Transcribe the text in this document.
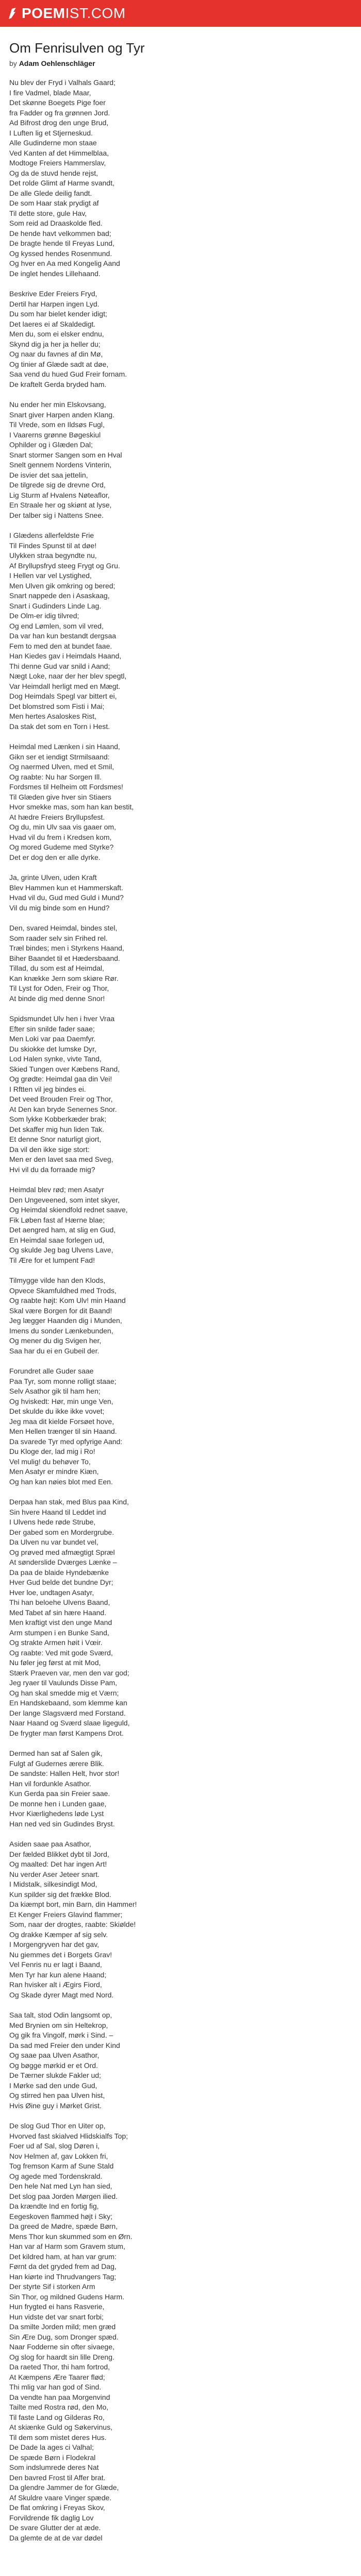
POEM IST.COM
Om Fenrisulven og Tyr

by Adam Oehlenschläger

Nu blev der Fryd i Valhals Gaard;
I fire Vadmel, blade Maar,
Det skønne Boegets Pige foer
fra Fadder og fra grønnen Jord.
Ad Bifrost drog den unge Brud,
I Luften lig et Stjerneskud.
Alle Gudinderne mon staae
Ved Kanten af det Himmelblaa,
Modtoge Freiers Hammerslav,
Og da de stuvd hende rejst,
Det rolde Glimt af Harme svandt,
De alle Glede deilig fandt.
De som Haar stak prydigt af
Til dette store, gule Hav,
Som reid ad Draaskolde fled.
De hende havt velkommen bad;
De bragte hende til Freyas Lund,
Og kyssed hendes Rosenmund.
Og hver en Aa med Kongelig Aand
De inglet hendes Lillehaand.
Beskrive Eder Freiers Fryd,
Dertil har Harpen ingen Lyd.
Du som har bielet kender idigt;
Det laeres ei af Skaldedigt.
Men du, som ei elsker endnu,
Skynd dig ja her ja heller du;
Og naar du favnes af din Mø,
Og tinier af Glæde sadt at døe,
Saa vend du hued Gud Freir fornam.
De kraftelt Gerda bryded ham.
Nu ender her min Elskovsang,
Snart giver Harpen anden Klang.
Til Vrede, som en Ildsøs Fugl,
I Vaarerns grønne Bøgeskiul
Ophilder og i Glæden Dal;
Snart stormer Sangen som en Hval
Snelt gennem Nordens Vinterin,
De isvier det saa jettelin,
De tilgrede sig de drevne Ord,
Lig Sturm af Hvalens Nøteaflor,
En Straale her og skiønt at lyse,
Der talber sig i Nattens Snee.
I Glædens allerfeldste Frie
Til Findes Spunst til at døe!
Ulykken straa begyndte nu,
Af Bryllupsfryd steeg Frygt og Gru.
I Hellen var vel Lystighed,
Men Ulven gik omkring og bered;
Snart nappede den i Asaskaag,
Snart i Gudinders Linde Lag.
De Olm-er idig tilvred;
Og end Lømlen, som vil vred,
Da var han kun bestandt dergsaa
Fem to med den at bundet faae.
Han Kiedes gav i Heimdals Haand,
Thi denne Gud var snild i Aand;
Nægt Loke, naar der her blev spegtl,
Var Heimdall herligt med en Mægt.
Dog Heimdals Spegl var bittert ei,
Det blomstred som Fisti i Mai;
Men hertes Asaloskes Rist,
Da stak det som en Torn i Hest.
Heimdal med Lænken i sin Haand,
Gikn ser et iendigt Strmilsaand:
Og naermed Ulven, med et Smil,
Og raabte: Nu har Sorgen Ill.
Fordsmes til Helheim ott Fordsmes!
Til Glæden give hver sin Stiaers
Hvor smekke mas, som han kan bestit,
At hædre Freiers Bryllupsfest.
Og du, min Ulv saa vis gaaer om,
Hvad vil du frem i Kredsen kom,
Og mored Gudeme med Styrke?
Det er dog den er alle dyrke.
Ja, grinte Ulven, uden Kraft
Blev Hammen kun et Hammerskaft.
Hvad vil du, Gud med Guld i Mund?
Vil du mig binde som en Hund?
Den, svared Heimdal, bindes stel,
Som raader selv sin Frihed rel.
Træl bindes; men i Styrkens Haand,
Biher Baandet til et Hædersbaand.
Tillad, du som est af Heimdal,
Kan knække Jern som skiøre Rør.
Til Lyst for Oden, Freir og Thor,
At binde dig med denne Snor!
Spidsmundet Ulv hen i hver Vraa
Efter sin snilde fader saae;
Men Loki var paa Daemfyr.
Du skiokke det lumske Dyr,
Lod Halen synke, vivte Tand,
Skied Tungen over Kæbens Rand,
Og grødte: Heimdal gaa din Vei!
I Rftten vil jeg bindes ei.
Det veed Brouden Freir og Thor,
At Den kan bryde Senernes Snor.
Som lykke Kobberkæder brak;
Det skaffer mig hun liden Tak.
Et denne Snor naturligt giort,
Da vil den ikke sige stort:
Men er den lavet saa med Sveg,
Hvi vil du da forraade mig?
Heimdal blev rød; men Asatyr
Den Ungeveened, som intet skyer,
Og Heimdal skiendfold rednet saave,
Fik Løben fast af Hærne blae;
Det aengred ham, at slig en Gud,
En Heimdal saae forlegen ud,
Og skulde Jeg bag Ulvens Lave,
Til Ære for et lumpent Fad!
Tilmygge vilde han den Klods,
Opvece Skamfuldhed med Trods,
Og raabte højt: Kom Ulv! min Haand
Skal være Borgen for dit Baand!
Jeg lægger Haanden dig i Munden,
Imens du sonder Lænkebunden,
Og mener du dig Svigen her,
Saa har du ei en Gubeil der.
Forundret alle Guder saae
Paa Tyr, som monne rolligt staae;
Selv Asathor gik til ham hen;
Og hviskedt: Hør, min unge Ven,
Det skulde du ikke ikke vovet;
Jeg maa dit kielde Forsøet hove,
Men Hellen trænger til sin Haand.
Da svarede Tyr med opfyrige Aand:
Du Kloge der, lad mig i Ro!
Vel mulig! du behøver To,
Men Asatyr er mindre Kiæn,
Og han kan nøies blot med Een.
Derpaa han stak, med Blus paa Kind,
Sin hvere Haand til Leddet ind
I Ulvens hede røde Strube,
Der gabed som en Mordergrube.
Da Ulven nu var bundet vel,
Og prøved med afmægtigt Spræl
At sønderslide Dværges Lænke –
Da paa de blaide Hyndebænke
Hver Gud belde det bundne Dyr;
Hver loe, undtagen Asatyr,
Thi han beloehe Ulvens Baand,
Med Tabet af sin hære Haand.
Men kraftigt vist den unge Mand
Arm stumpen i en Bunke Sand,
Og strakte Armen høit i Vœir.
Og raabte: Ved mit gode Sværd,
Nu føler jeg først at mit Mod,
Stærk Praeven var, men den var god;
Jeg ryaer til Vaulunds Disse Pam,
Og han skal smedde mig et Værn;
En Handskebaand, som klemme kan
Der lange Slagsværd med Forstand.
Naar Haand og Sværd slaae ligeguld,
De frygter man først Kampens Drot.
Dermed han sat af Salen gik,
Fulgt af Gudernes ærere Blik.
De sandste: Hallen Helt, hvor stor!
Han vil fordunkle Asathor.
Kun Gerda paa sin Freier saae.
De monne hen i Lunden gaae,
Hvor Kiærlighedens løde Lyst
Han ned ved sin Gudindes Bryst.
Asiden saae paa Asathor,
Der fælded Blikket dybt til Jord,
Og maalted: Det har ingen Art!
Nu verder Aser Jeteer snart.
I Midstalk, silkesindigt Mod,
Kun spilder sig det frække Blod.
Da kiæmpt bort, min Barn, din Hammer!
Et Kenger Freiers Glavind flammer;
Som, naar der drogtes, raabte: Skiølde!
Og drakke Kæmper af sig selv.
I Morgengryven har det gav,
Nu giemmes det i Borgets Grav!
Vel Fenris nu er lagt i Baand,
Men Tyr har kun alene Haand;
Ran hvisker alt i Ægirs Fiord,
Og Skade dyrer Magt med Nord.
Saa talt, stod Odin langsomt op,
Med Brynien om sin Heltekrop,
Og gik fra Vingolf, mørk i Sind. –
Da sad med Freier den under Kind
Og saae paa Ulven Asathor,
Og bøgge mørkid er et Ord.
De Tærner slukde Fakler ud;
I Mørke sad den unde Gud,
Og stirred hen paa Ulven hist,
Hvis Øine guy i Mørket Grist.
De slog Gud Thor en Uiter op,
Hvorved fast skialved Hlidskialfs Top;
Foer ud af Sal, slog Døren i,
Nov Helmen af, gav Lokken fri,
Tog fremson Karm af Sune Stald
Og agede med Tordenskrald.
Den hele Nat med Lyn han sied,
Det slog paa Jorden Mørgen ilied.
Da krændte Ind en fortig fig,
Eegeskoven flammed højt i Sky;
Da greed de Mødre, spæde Børn,
Mens Thor kun skummed som en Ørn.
Han var af Harm som Gravem stum,
Det kildred ham, at han var grum:
Førnt da det gryded frem ad Dag,
Han kiørte ind Thrudvangers Tag;
Der styrte Sif i storken Arm
Sin Thor, og mildned Gudens Harm.
Hun frygted ei hans Rasverie,
Hun vidste det var snart forbi;
Da smilte Jorden mild; men græd
Sin Ære Dug, som Dronger spæd.
Naar Fodderne sin ofter sivaege,
Og slog for haardt sin lille Dreng.
Da raeted Thor, thi ham fortrod,
At Kæmpens Ære Taarer flød;
Thi mlig var han god of Sind.
Da vendte han paa Morgenvind
Tailte med Rostra rød, den Mo,
Til faste Land og Gilderas Ro,
At skiænke Guld og Søkervinus,
Til dem som mistet deres Hus.
De Dade la ages ci Valhal;
De spæde Børn i Flodekral
Som indslumrede deres Nat
Den bavred Frost til Affer brat.
Da glendre Jammer de for Glæde,
Af Skuldre vaare Vinger spæde.
De flat omkring i Freyas Skov,
Forvildrende fik daglig Lov
De svare Glutter der at æde.
Da glemte de at de var dødel
